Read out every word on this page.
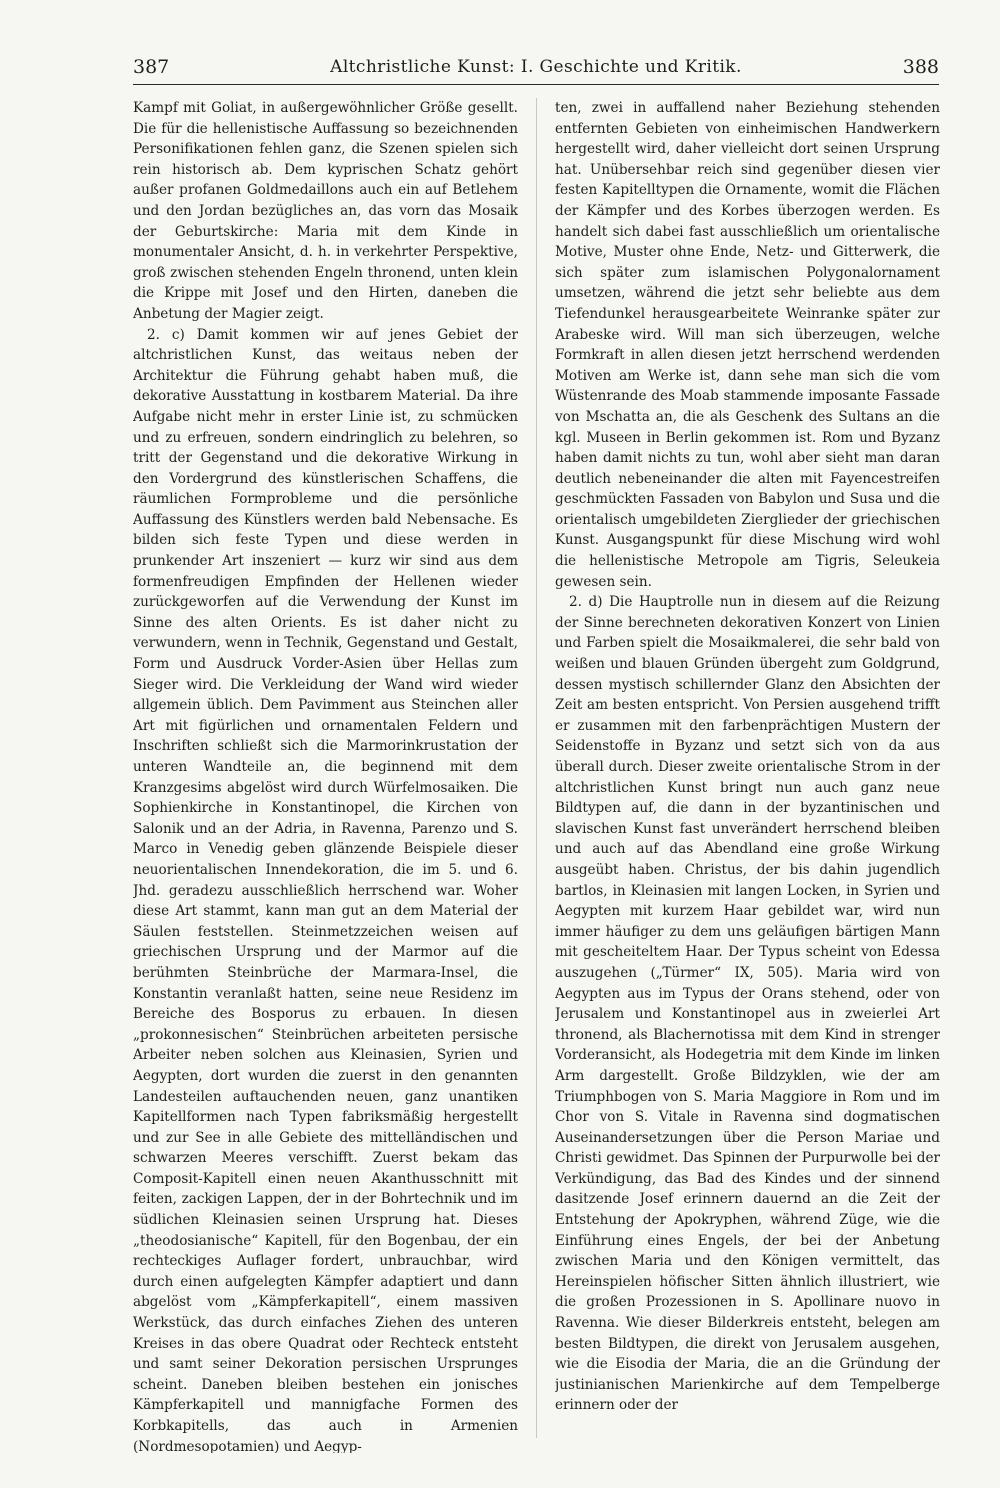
387	Altchristliche Kunst: I. Geschichte und Kritik.	388

Kampf mit Goliat, in außergewöhnlicher Größe gesellt. Die für die hellenistische Auffassung so bezeichnenden Personifikationen fehlen ganz, die Szenen spielen sich rein historisch ab. Dem kyprischen Schatz gehört außer profanen Goldmedaillons auch ein auf Betlehem und den Jordan bezügliches an, das vorn das Mosaik der Geburtskirche: Maria mit dem Kinde in monumentaler Ansicht, d. h. in verkehrter Perspektive, groß zwischen stehenden Engeln thronend, unten klein die Krippe mit Josef und den Hirten, daneben die Anbetung der Magier zeigt.

2. c) Damit kommen wir auf jenes Gebiet der altchristlichen Kunst, das weitaus neben der Architektur die Führung gehabt haben muß, die dekorative Ausstattung in kostbarem Material. Da ihre Aufgabe nicht mehr in erster Linie ist, zu schmücken und zu erfreuen, sondern eindringlich zu belehren, so tritt der Gegenstand und die dekorative Wirkung in den Vordergrund des künstlerischen Schaffens, die räumlichen Formprobleme und die persönliche Auffassung des Künstlers werden bald Nebensache. Es bilden sich feste Typen und diese werden in prunkender Art inszeniert — kurz wir sind aus dem formenfreudigen Empfinden der Hellenen wieder zurückgeworfen auf die Verwendung der Kunst im Sinne des alten Orients. Es ist daher nicht zu verwundern, wenn in Technik, Gegenstand und Gestalt, Form und Ausdruck Vorder-Asien über Hellas zum Sieger wird. Die Verkleidung der Wand wird wieder allgemein üblich. Dem Pavimment aus Steinchen aller Art mit figürlichen und ornamentalen Feldern und Inschriften schließt sich die Marmorinkrustation der unteren Wandteile an, die beginnend mit dem Kranzgesims abgelöst wird durch Würfelmosaiken. Die Sophienkirche in Konstantinopel, die Kirchen von Salonik und an der Adria, in Ravenna, Parenzo und S. Marco in Venedig geben glänzende Beispiele dieser neuorientalischen Innendekoration, die im 5. und 6. Jhd. geradezu ausschließlich herrschend war. Woher diese Art stammt, kann man gut an dem Material der Säulen feststellen. Steinmetzzeichen weisen auf griechischen Ursprung und der Marmor auf die berühmten Steinbrüche der Marmara-Insel, die Konstantin veranlaßt hatten, seine neue Residenz im Bereiche des Bosporus zu erbauen. In diesen „prokonnesischen“ Steinbrüchen arbeiteten persische Arbeiter neben solchen aus Kleinasien, Syrien und Aegypten, dort wurden die zuerst in den genannten Landesteilen auftauchenden neuen, ganz unantiken Kapitellformen nach Typen fabriksmäßig hergestellt und zur See in alle Gebiete des mittelländischen und schwarzen Meeres verschifft. Zuerst bekam das Composit-Kapitell einen neuen Akanthusschnitt mit feiten, zackigen Lappen, der in der Bohrtechnik und im südlichen Kleinasien seinen Ursprung hat. Dieses „theodosianische“ Kapitell, für den Bogenbau, der ein rechteckiges Auflager fordert, unbrauchbar, wird durch einen aufgelegten Kämpfer adaptiert und dann abgelöst vom „Kämpferkapitell“, einem massiven Werkstück, das durch einfaches Ziehen des unteren Kreises in das obere Quadrat oder Rechteck entsteht und samt seiner Dekoration persischen Ursprunges scheint. Daneben bleiben bestehen ein jonisches Kämpferkapitell und mannigfache Formen des Korbkapitells, das auch in Armenien (Nordmesopotamien) und Aegyp-

ten, zwei in auffallend naher Beziehung stehenden entfernten Gebieten von einheimischen Handwerkern hergestellt wird, daher vielleicht dort seinen Ursprung hat. Unübersehbar reich sind gegenüber diesen vier festen Kapitelltypen die Ornamente, womit die Flächen der Kämpfer und des Korbes überzogen werden. Es handelt sich dabei fast ausschließlich um orientalische Motive, Muster ohne Ende, Netz- und Gitterwerk, die sich später zum islamischen Polygonalornament umsetzen, während die jetzt sehr beliebte aus dem Tiefendunkel herausgearbeitete Weinranke später zur Arabeske wird. Will man sich überzeugen, welche Formkraft in allen diesen jetzt herrschend werdenden Motiven am Werke ist, dann sehe man sich die vom Wüstenrande des Moab stammende imposante Fassade von Mschatta an, die als Geschenk des Sultans an die kgl. Museen in Berlin gekommen ist. Rom und Byzanz haben damit nichts zu tun, wohl aber sieht man daran deutlich nebeneinander die alten mit Fayencestreifen geschmückten Fassaden von Babylon und Susa und die orientalisch umgebildeten Zierglieder der griechischen Kunst. Ausgangspunkt für diese Mischung wird wohl die hellenistische Metropole am Tigris, Seleukeia gewesen sein.

2. d) Die Hauptrolle nun in diesem auf die Reizung der Sinne berechneten dekorativen Konzert von Linien und Farben spielt die Mosaikmalerei, die sehr bald von weißen und blauen Gründen übergeht zum Goldgrund, dessen mystisch schillernder Glanz den Absichten der Zeit am besten entspricht. Von Persien ausgehend trifft er zusammen mit den farbenprächtigen Mustern der Seidenstoffe in Byzanz und setzt sich von da aus überall durch. Dieser zweite orientalische Strom in der altchristlichen Kunst bringt nun auch ganz neue Bildtypen auf, die dann in der byzantinischen und slavischen Kunst fast unverändert herrschend bleiben und auch auf das Abendland eine große Wirkung ausgeübt haben. Christus, der bis dahin jugendlich bartlos, in Kleinasien mit langen Locken, in Syrien und Aegypten mit kurzem Haar gebildet war, wird nun immer häufiger zu dem uns geläufigen bärtigen Mann mit gescheiteltem Haar. Der Typus scheint von Edessa auszugehen („Türmer“ IX, 505). Maria wird von Aegypten aus im Typus der Orans stehend, oder von Jerusalem und Konstantinopel aus in zweierlei Art thronend, als Blachernotissa mit dem Kind in strenger Vorderansicht, als Hodegetria mit dem Kinde im linken Arm dargestellt. Große Bildzyklen, wie der am Triumphbogen von S. Maria Maggiore in Rom und im Chor von S. Vitale in Ravenna sind dogmatischen Auseinandersetzungen über die Person Mariae und Christi gewidmet. Das Spinnen der Purpurwolle bei der Verkündigung, das Bad des Kindes und der sinnend dasitzende Josef erinnern dauernd an die Zeit der Entstehung der Apokryphen, während Züge, wie die Einführung eines Engels, der bei der Anbetung zwischen Maria und den Königen vermittelt, das Hereinspielen höfischer Sitten ähnlich illustriert, wie die großen Prozessionen in S. Apollinare nuovo in Ravenna. Wie dieser Bilderkreis entsteht, belegen am besten Bildtypen, die direkt von Jerusalem ausgehen, wie die Eisodia der Maria, die an die Gründung der justinianischen Marienkirche auf dem Tempelberge erinnern oder der
